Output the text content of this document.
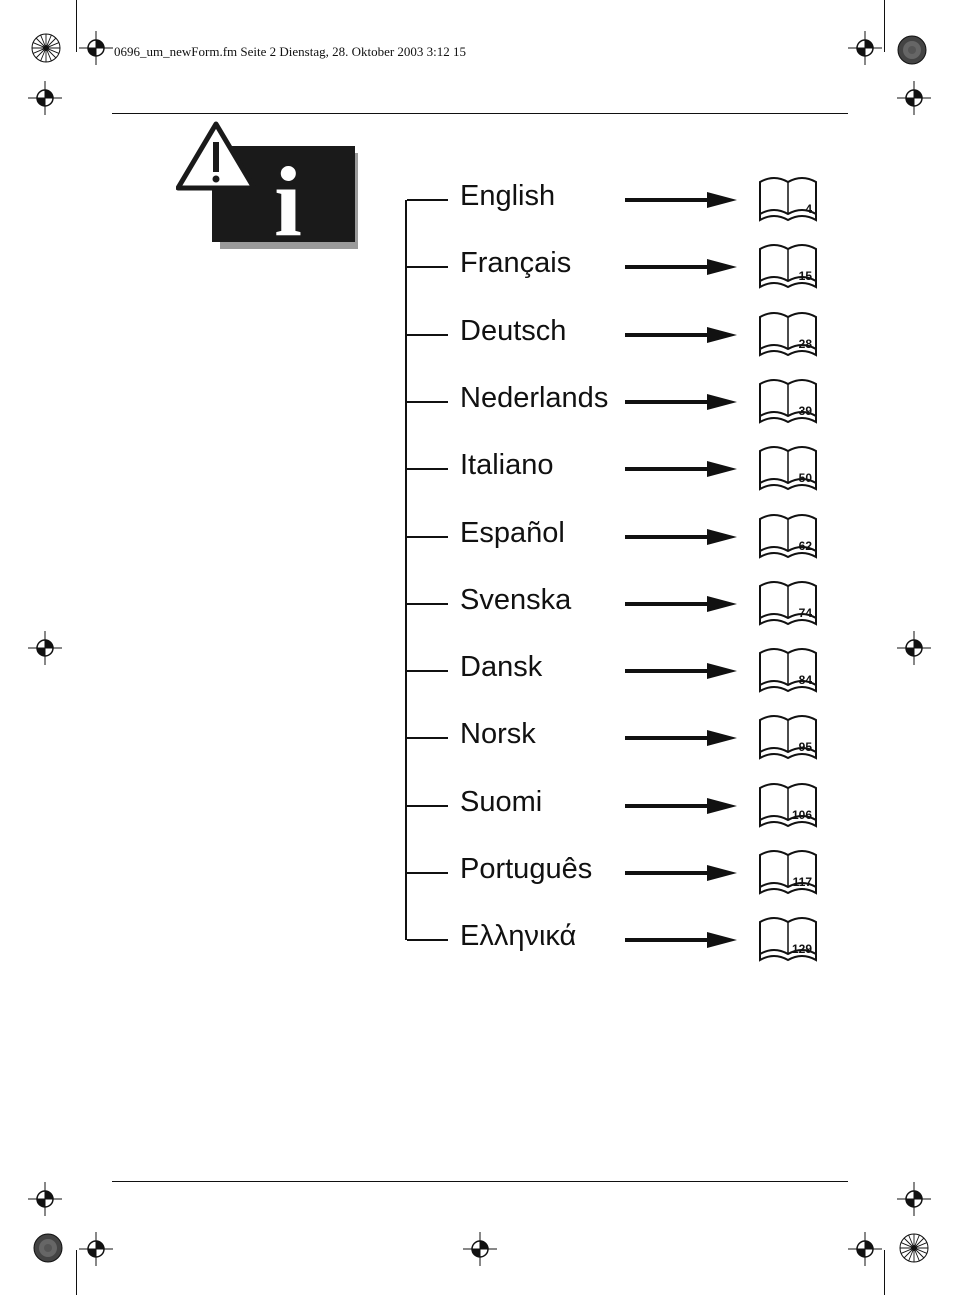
0696_um_newForm.fm Seite 2 Dienstag, 28. Oktober 2003 3:12 15
i	English	4
Français	15
Deutsch	28
Nederlands	39
Italiano	50
Español	62
Svenska	74
Dansk	84
Norsk	95
Suomi	106
Português	117
Ελληνικά	129
